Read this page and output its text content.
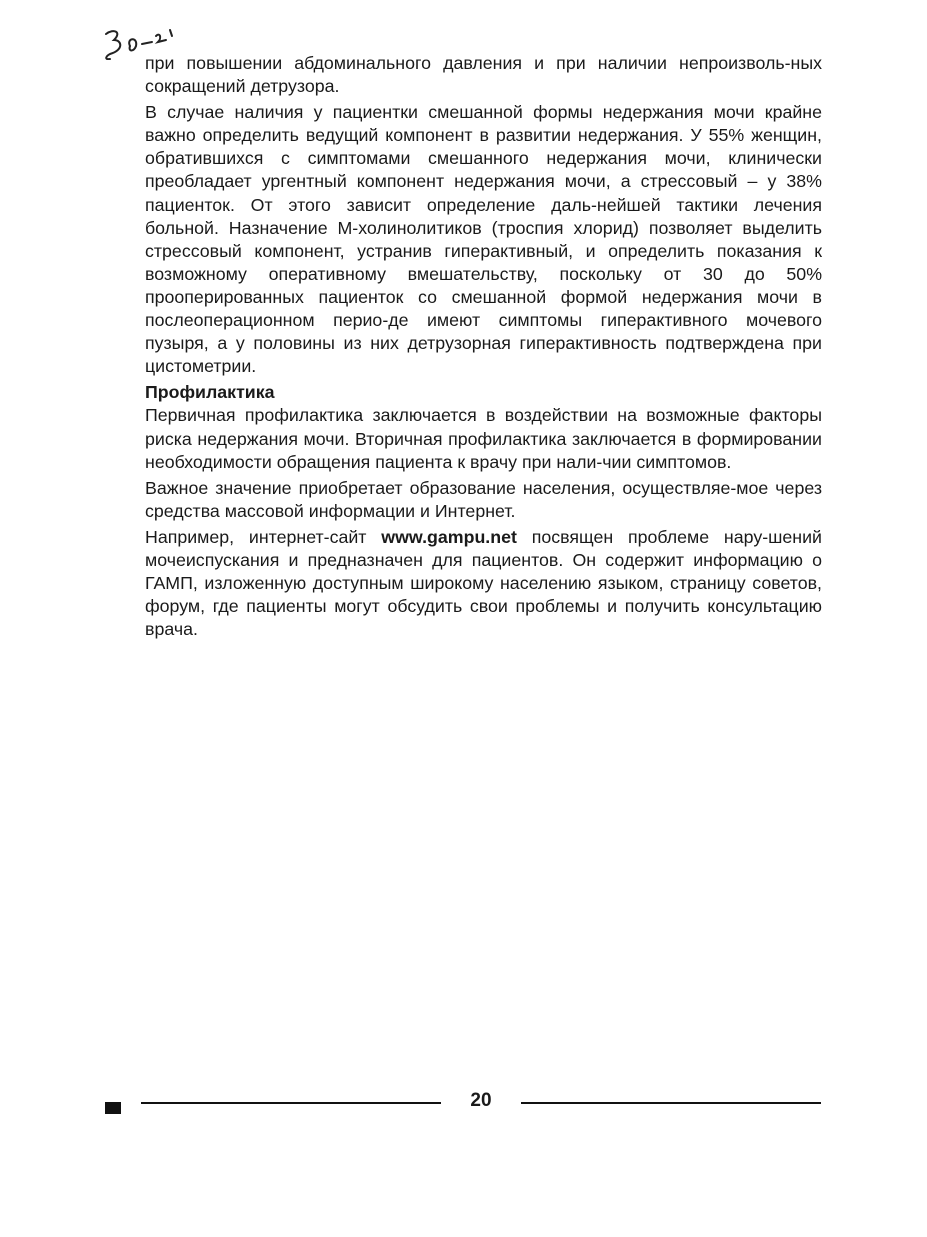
при повышении абдоминального давления и при наличии непроизволь-ных сокращений детрузора.

В случае наличия у пациентки смешанной формы недержания мочи крайне важно определить ведущий компонент в развитии недержания. У 55% женщин, обратившихся с симптомами смешанного недержания мочи, клинически преобладает ургентный компонент недержания мочи, а стрессовый – у 38% пациенток. От этого зависит определение даль-нейшей тактики лечения больной. Назначение М-холинолитиков (троспия хлорид) позволяет выделить стрессовый компонент, устранив гиперактивный, и определить показания к возможному оперативному вмешательству, поскольку от 30 до 50% прооперированных пациенток со смешанной формой недержания мочи в послеоперационном перио-де имеют симптомы гиперактивного мочевого пузыря, а у половины из них детрузорная гиперактивность подтверждена при цистометрии.

Профилактика

Первичная профилактика заключается в воздействии на возможные факторы риска недержания мочи. Вторичная профилактика заключается в формировании необходимости обращения пациента к врачу при нали-чии симптомов.

Важное значение приобретает образование населения, осуществляе-мое через средства массовой информации и Интернет.

Например, интернет-сайт www.gampu.net посвящен проблеме нару-шений мочеиспускания и предназначен для пациентов. Он содержит информацию о ГАМП, изложенную доступным широкому населению языком, страницу советов, форум, где пациенты могут обсудить свои проблемы и получить консультацию врача.

20
